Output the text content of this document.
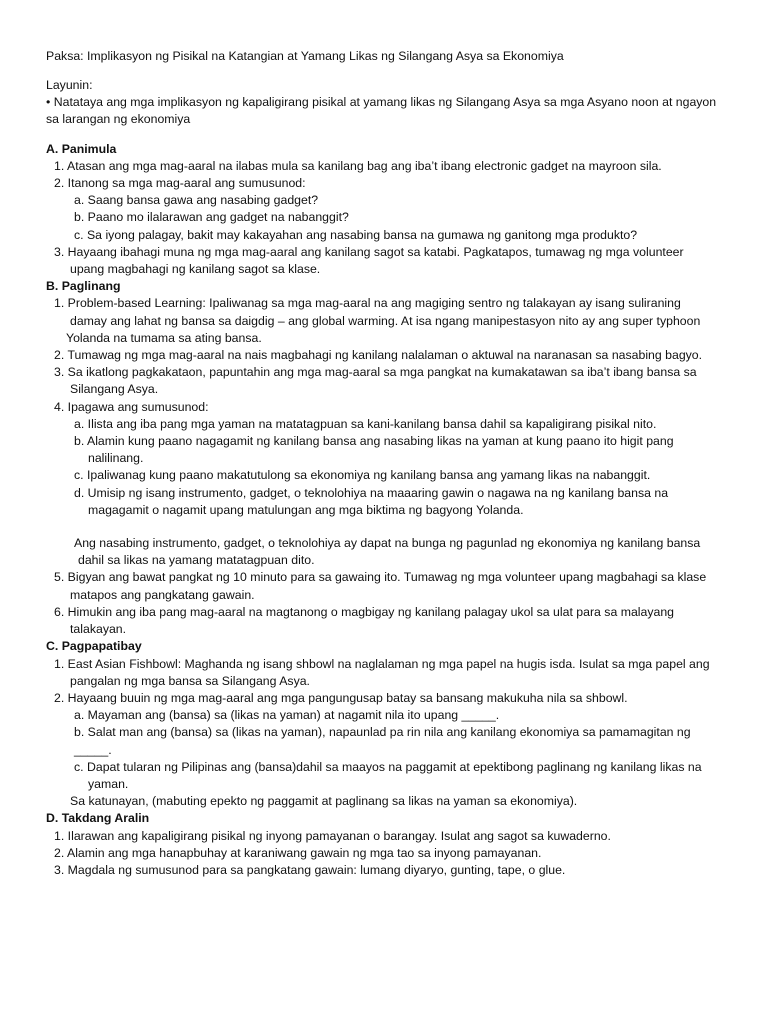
Paksa: Implikasyon ng Pisikal na Katangian at Yamang Likas ng Silangang Asya sa Ekonomiya

Layunin:

• Natataya ang mga implikasyon ng kapaligirang pisikal at yamang likas ng Silangang Asya sa mga Asyano noon at ngayon

sa larangan ng ekonomiya

A. Panimula

1. Atasan ang mga mag-aaral na ilabas mula sa kanilang bag ang iba’t ibang electronic gadget na mayroon sila.

2. Itanong sa mga mag-aaral ang sumusunod:

a. Saang bansa gawa ang nasabing gadget?

b. Paano mo ilalarawan ang gadget na nabanggit?

c. Sa iyong palagay, bakit may kakayahan ang nasabing bansa na gumawa ng ganitong mga produkto?

3. Hayaang ibahagi muna ng mga mag-aaral ang kanilang sagot sa katabi. Pagkatapos, tumawag ng mga volunteer

upang magbahagi ng kanilang sagot sa klase.

B. Paglinang

1. Problem-based Learning: Ipaliwanag sa mga mag-aaral na ang magiging sentro ng talakayan ay isang suliraning

damay ang lahat ng bansa sa daigdig – ang global warming. At isa ngang manipestasyon nito ay ang super typhoon

Yolanda na tumama sa ating bansa.

2. Tumawag ng mga mag-aaral na nais magbahagi ng kanilang nalalaman o aktuwal na naranasan sa nasabing bagyo.

3. Sa ikatlong pagkakataon, papuntahin ang mga mag-aaral sa mga pangkat na kumakatawan sa iba’t ibang bansa sa

Silangang Asya.

4. Ipagawa ang sumusunod:

a. Ilista ang iba pang mga yaman na matatagpuan sa kani-kanilang bansa dahil sa kapaligirang pisikal nito.

b. Alamin kung paano nagagamit ng kanilang bansa ang nasabing likas na yaman at kung paano ito higit pang

nalilinang.

c. Ipaliwanag kung paano makatutulong sa ekonomiya ng kanilang bansa ang yamang likas na nabanggit.

d. Umisip ng isang instrumento, gadget, o teknolohiya na maaaring gawin o nagawa na ng kanilang bansa na

magagamit o nagamit upang matulungan ang mga biktima ng bagyong Yolanda.

Ang nasabing instrumento, gadget, o teknolohiya ay dapat na bunga ng pagunlad ng ekonomiya ng kanilang bansa

dahil sa likas na yamang matatagpuan dito.

5. Bigyan ang bawat pangkat ng 10 minuto para sa gawaing ito. Tumawag ng mga volunteer upang magbahagi sa klase

matapos ang pangkatang gawain.

6. Himukin ang iba pang mag-aaral na magtanong o magbigay ng kanilang palagay ukol sa ulat para sa malayang

talakayan.

C. Pagpapatibay

1. East Asian Fishbowl: Maghanda ng isang shbowl na naglalaman ng mga papel na hugis isda. Isulat sa mga papel ang

pangalan ng mga bansa sa Silangang Asya.

2. Hayaang buuin ng mga mag-aaral ang mga pangungusap batay sa bansang makukuha nila sa shbowl.

a. Mayaman ang (bansa) sa (likas na yaman) at nagamit nila ito upang _____.

b. Salat man ang (bansa) sa (likas na yaman), napaunlad pa rin nila ang kanilang ekonomiya sa pamamagitan ng

_____.

c. Dapat tularan ng Pilipinas ang (bansa)dahil sa maayos na paggamit at epektibong paglinang ng kanilang likas na

yaman.

Sa katunayan, (mabuting epekto ng paggamit at paglinang sa likas na yaman sa ekonomiya).

D. Takdang Aralin

1. Ilarawan ang kapaligirang pisikal ng inyong pamayanan o barangay. Isulat ang sagot sa kuwaderno.

2. Alamin ang mga hanapbuhay at karaniwang gawain ng mga tao sa inyong pamayanan.

3. Magdala ng sumusunod para sa pangkatang gawain: lumang diyaryo, gunting, tape, o glue.
